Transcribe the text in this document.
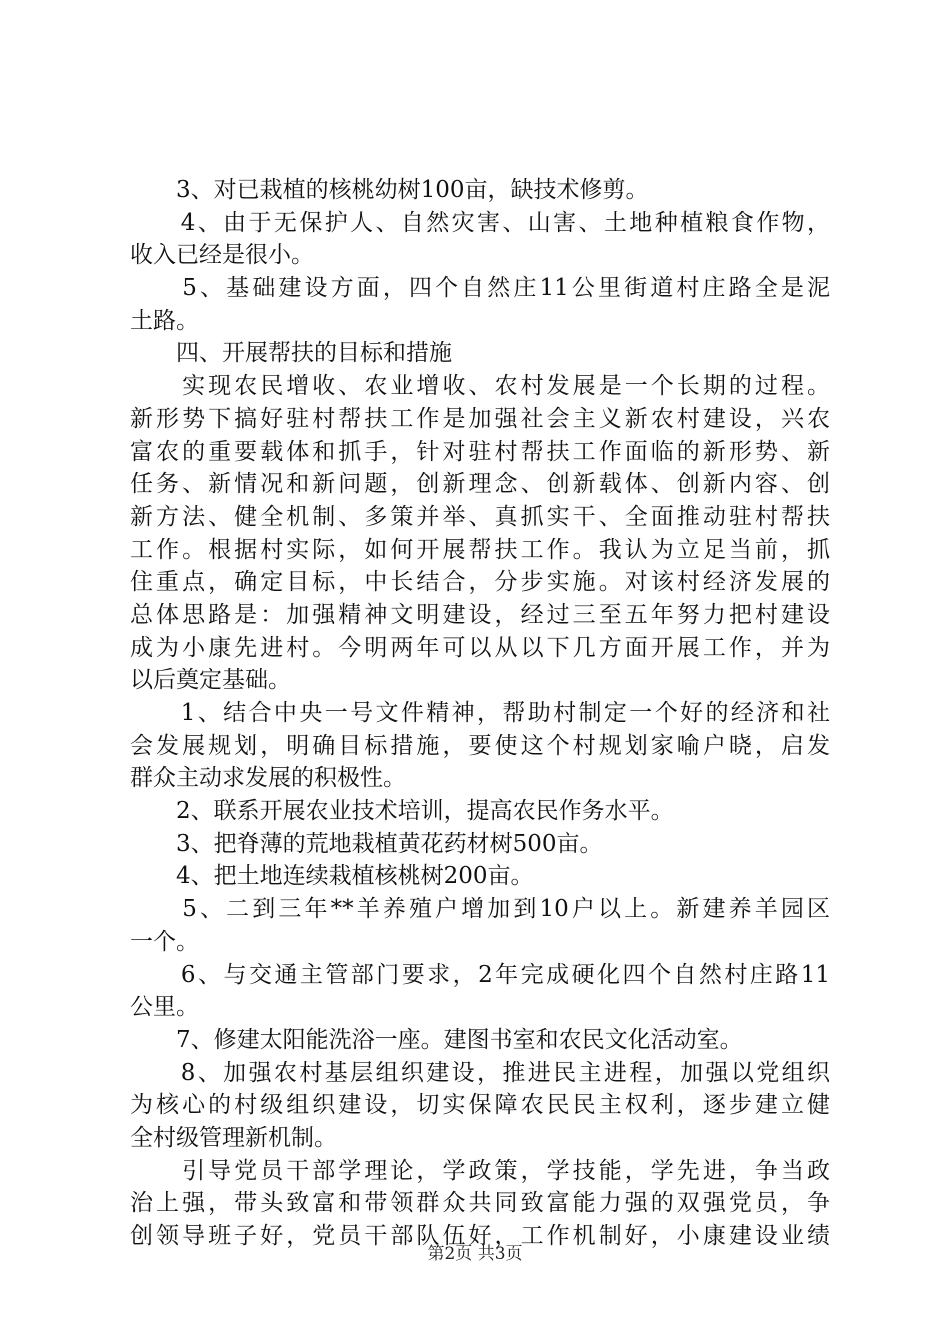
　　3、对已栽植的核桃幼树100亩，缺技术修剪。
　　4、由于无保护人、自然灾害、山害、土地种植粮食作物，
收入已经是很小。
　　5、基础建设方面，四个自然庄11公里街道村庄路全是泥
土路。
　　四、开展帮扶的目标和措施
　　实现农民增收、农业增收、农村发展是一个长期的过程。
新形势下搞好驻村帮扶工作是加强社会主义新农村建设，兴农
富农的重要载体和抓手，针对驻村帮扶工作面临的新形势、新
任务、新情况和新问题，创新理念、创新载体、创新内容、创
新方法、健全机制、多策并举、真抓实干、全面推动驻村帮扶
工作。根据村实际，如何开展帮扶工作。我认为立足当前，抓
住重点，确定目标，中长结合，分步实施。对该村经济发展的
总体思路是：加强精神文明建设，经过三至五年努力把村建设
成为小康先进村。今明两年可以从以下几方面开展工作，并为
以后奠定基础。
　　1、结合中央一号文件精神，帮助村制定一个好的经济和社
会发展规划，明确目标措施，要使这个村规划家喻户晓，启发
群众主动求发展的积极性。
　　2、联系开展农业技术培训，提高农民作务水平。
　　3、把脊薄的荒地栽植黄花药材树500亩。
　　4、把土地连续栽植核桃树200亩。
　　5、二到三年**羊养殖户增加到10户以上。新建养羊园区
一个。
　　6、与交通主管部门要求，2年完成硬化四个自然村庄路11
公里。
　　7、修建太阳能洗浴一座。建图书室和农民文化活动室。
　　8、加强农村基层组织建设，推进民主进程，加强以党组织
为核心的村级组织建设，切实保障农民民主权利，逐步建立健
全村级管理新机制。
　　引导党员干部学理论，学政策，学技能，学先进，争当政
治上强，带头致富和带领群众共同致富能力强的双强党员，争
创领导班子好，党员干部队伍好，工作机制好，小康建设业绩
第2页 共3页
